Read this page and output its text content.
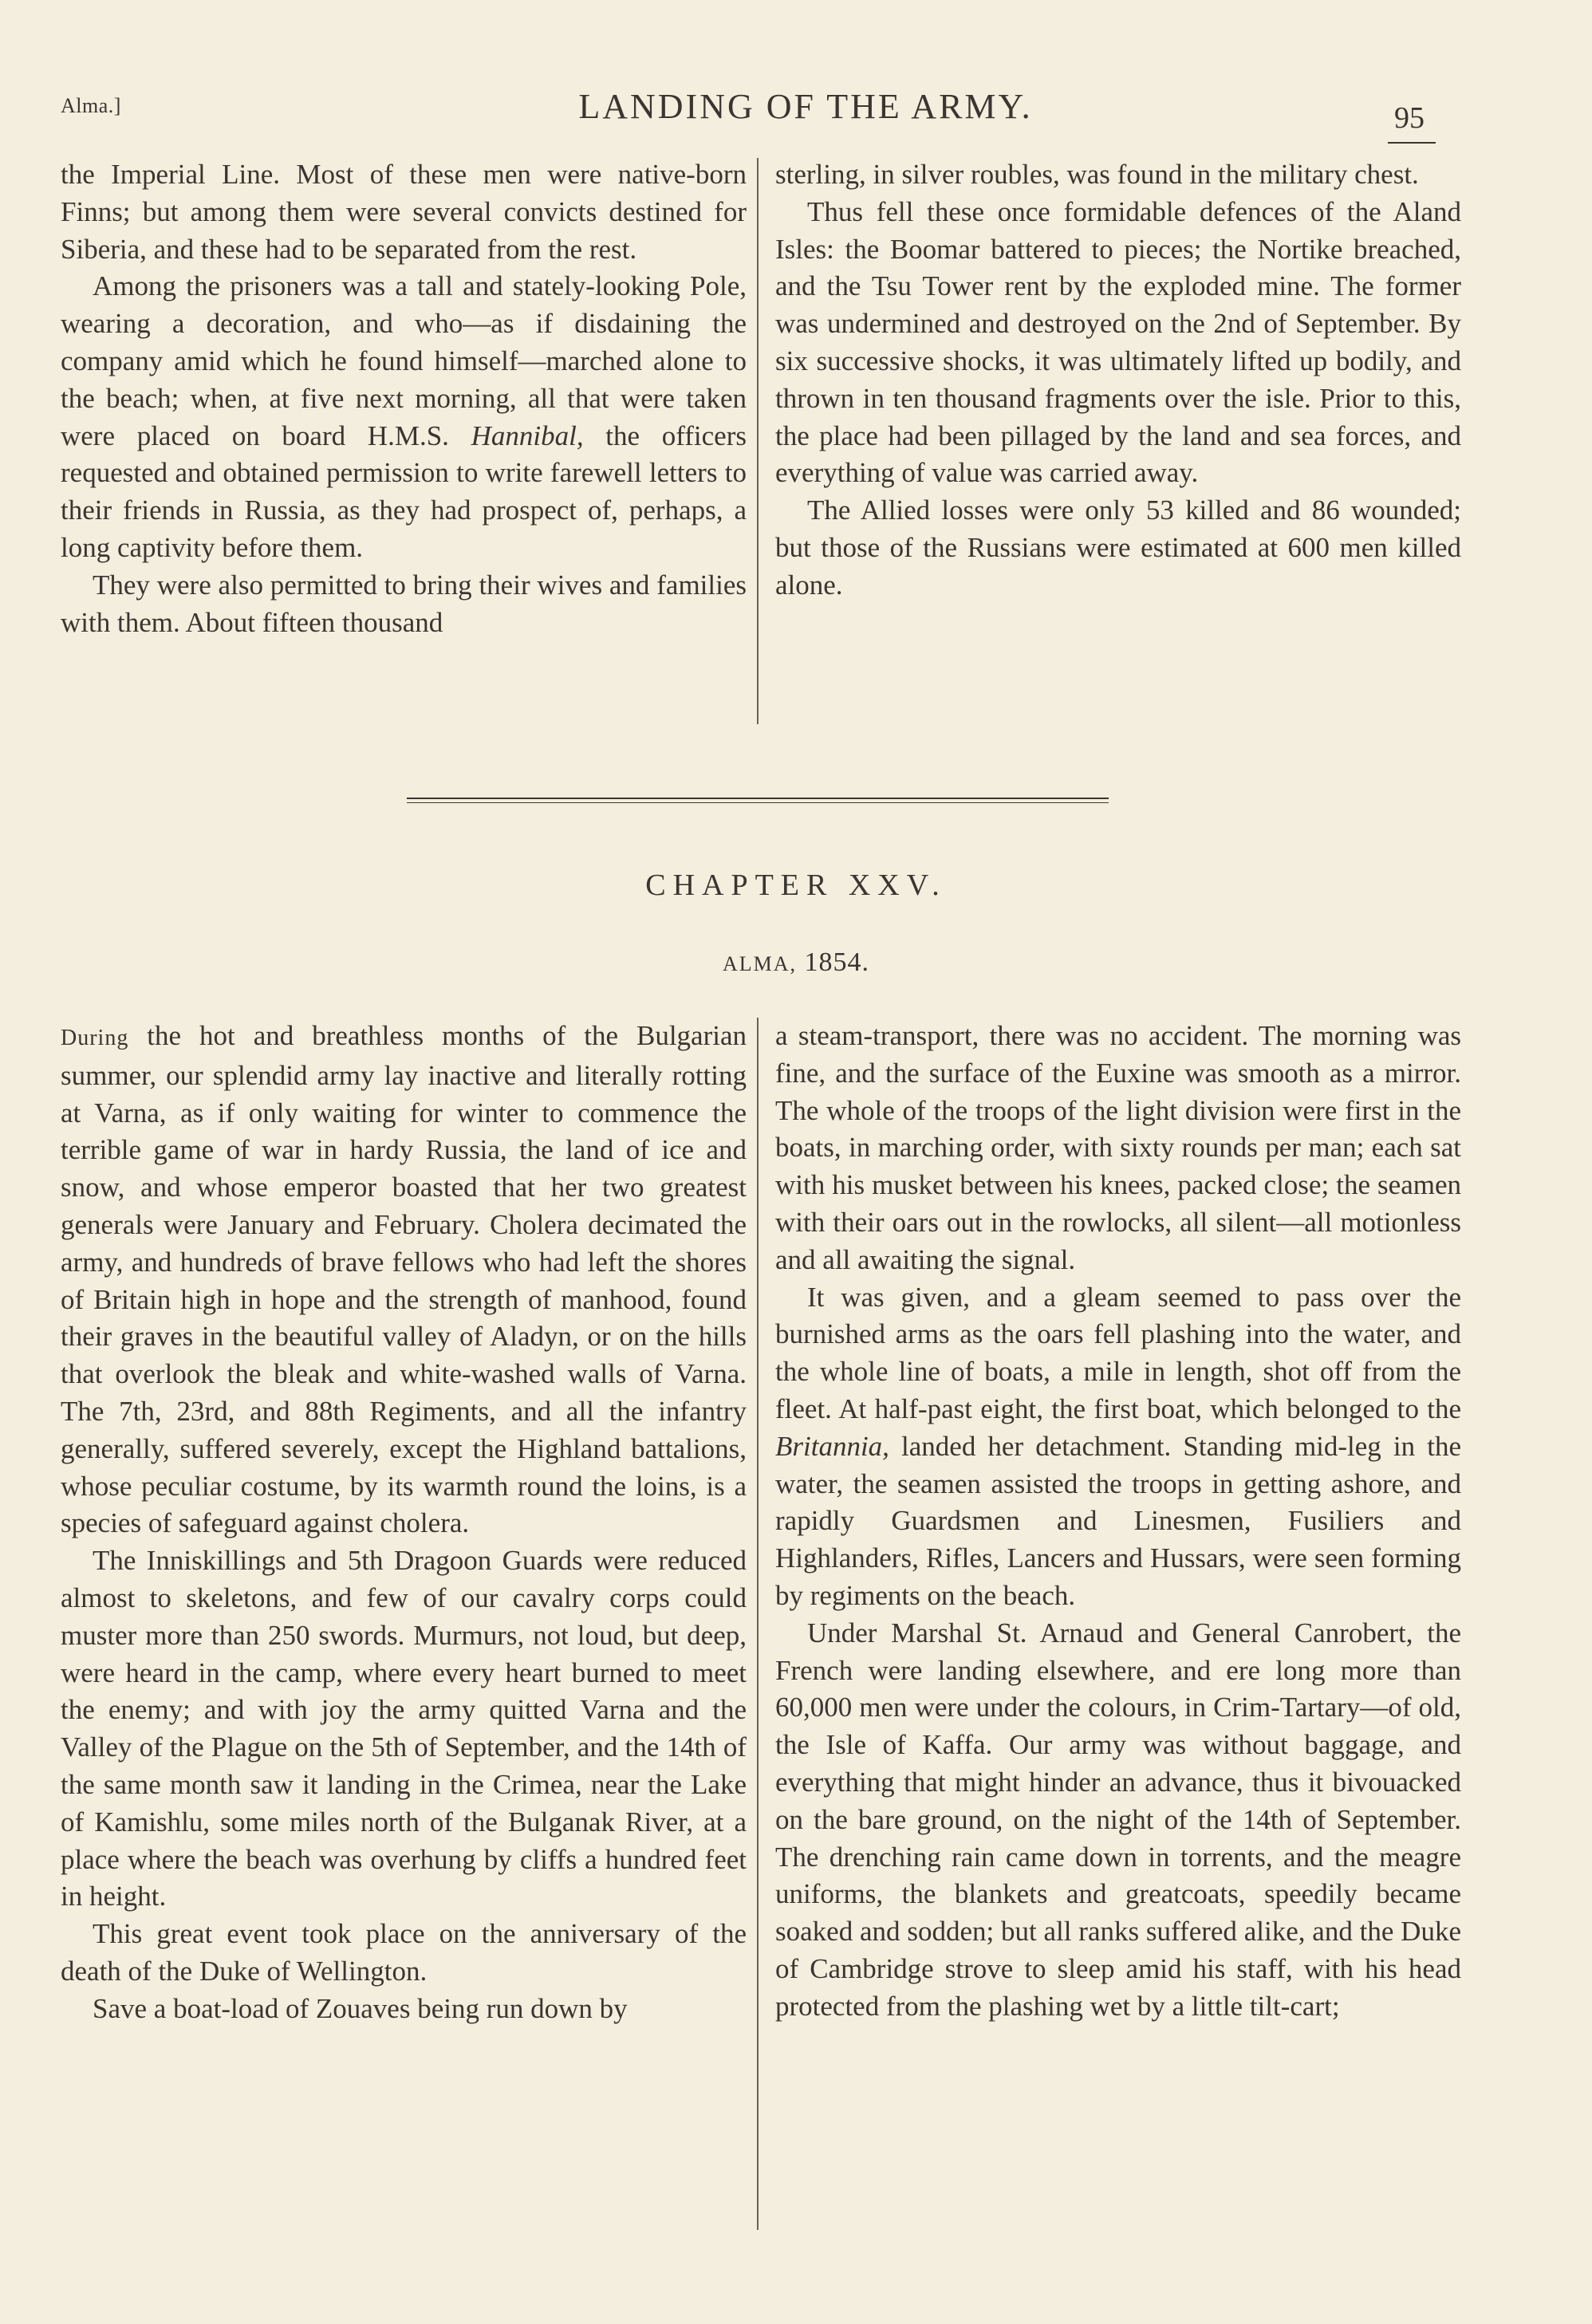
Alma.]	LANDING OF THE ARMY.	95

the Imperial Line. Most of these men were native-born Finns; but among them were several convicts destined for Siberia, and these had to be separated from the rest.

Among the prisoners was a tall and stately-looking Pole, wearing a decoration, and who—as if disdaining the company amid which he found himself—marched alone to the beach; when, at five next morning, all that were taken were placed on board H.M.S. Hannibal, the officers requested and obtained permission to write farewell letters to their friends in Russia, as they had prospect of, perhaps, a long captivity before them.

They were also permitted to bring their wives and families with them. About fifteen thousand

sterling, in silver roubles, was found in the military chest.

Thus fell these once formidable defences of the Aland Isles: the Boomar battered to pieces; the Nortike breached, and the Tsu Tower rent by the exploded mine. The former was undermined and destroyed on the 2nd of September. By six successive shocks, it was ultimately lifted up bodily, and thrown in ten thousand fragments over the isle. Prior to this, the place had been pillaged by the land and sea forces, and everything of value was carried away.

The Allied losses were only 53 killed and 86 wounded; but those of the Russians were estimated at 600 men killed alone.

CHAPTER XXV.
ALMA, 1854.

During the hot and breathless months of the Bulgarian summer, our splendid army lay inactive and literally rotting at Varna, as if only waiting for winter to commence the terrible game of war in hardy Russia, the land of ice and snow, and whose emperor boasted that her two greatest generals were January and February. Cholera decimated the army, and hundreds of brave fellows who had left the shores of Britain high in hope and the strength of manhood, found their graves in the beautiful valley of Aladyn, or on the hills that overlook the bleak and white-washed walls of Varna. The 7th, 23rd, and 88th Regiments, and all the infantry generally, suffered severely, except the Highland battalions, whose peculiar costume, by its warmth round the loins, is a species of safeguard against cholera.

The Inniskillings and 5th Dragoon Guards were reduced almost to skeletons, and few of our cavalry corps could muster more than 250 swords. Murmurs, not loud, but deep, were heard in the camp, where every heart burned to meet the enemy; and with joy the army quitted Varna and the Valley of the Plague on the 5th of September, and the 14th of the same month saw it landing in the Crimea, near the Lake of Kamishlu, some miles north of the Bulganak River, at a place where the beach was overhung by cliffs a hundred feet in height.

This great event took place on the anniversary of the death of the Duke of Wellington.

Save a boat-load of Zouaves being run down by

a steam-transport, there was no accident. The morning was fine, and the surface of the Euxine was smooth as a mirror. The whole of the troops of the light division were first in the boats, in marching order, with sixty rounds per man; each sat with his musket between his knees, packed close; the seamen with their oars out in the rowlocks, all silent—all motionless and all awaiting the signal.

It was given, and a gleam seemed to pass over the burnished arms as the oars fell plashing into the water, and the whole line of boats, a mile in length, shot off from the fleet. At half-past eight, the first boat, which belonged to the Britannia, landed her detachment. Standing mid-leg in the water, the seamen assisted the troops in getting ashore, and rapidly Guardsmen and Linesmen, Fusiliers and Highlanders, Rifles, Lancers and Hussars, were seen forming by regiments on the beach.

Under Marshal St. Arnaud and General Canrobert, the French were landing elsewhere, and ere long more than 60,000 men were under the colours, in Crim-Tartary—of old, the Isle of Kaffa. Our army was without baggage, and everything that might hinder an advance, thus it bivouacked on the bare ground, on the night of the 14th of September. The drenching rain came down in torrents, and the meagre uniforms, the blankets and greatcoats, speedily became soaked and sodden; but all ranks suffered alike, and the Duke of Cambridge strove to sleep amid his staff, with his head protected from the plashing wet by a little tilt-cart;
